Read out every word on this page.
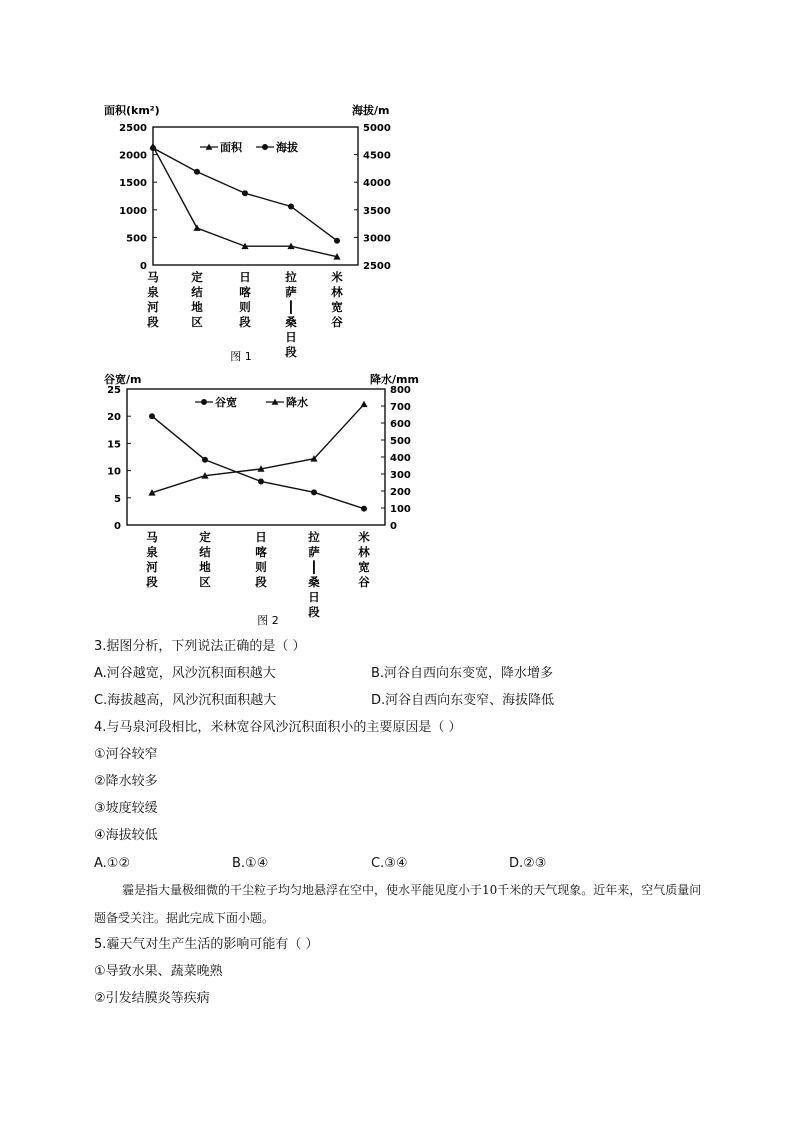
面积(km²)	海拔/m
2500
2000
1500
1000
500
0
5000
4500
4000
3500
3000
2500
马
泉
河
段
定
结
地
区
日
喀
则
段
拉
萨
┃
桑
日
段
米
林
宽
谷
面积	海拔
图 1
谷宽/m	降水/mm
25
20
15
10
5
0
800
700
600
500
400
300
200
100
0
马
泉
河
段
定
结
地
区
日
喀
则
段
拉
萨
┃
桑
日
段
米
林
宽
谷
谷宽	降水
图 2
3.据图分析，下列说法正确的是（ ）
A.河谷越宽，风沙沉积面积越大	B.河谷自西向东变宽，降水增多
C.海拔越高，风沙沉积面积越大	D.河谷自西向东变窄、海拔降低
4.与马泉河段相比，米林宽谷风沙沉积面积小的主要原因是（ ）
①河谷较窄
②降水较多
③坡度较缓
④海拔较低
A.①②	B.①④	C.③④	D.②③
霾是指大量极细微的干尘粒子均匀地悬浮在空中，使水平能见度小于10千米的天气现象。近年来，空气质量问题备受关注。据此完成下面小题。
5.霾天气对生产生活的影响可能有（ ）
①导致水果、蔬菜晚熟
②引发结膜炎等疾病
